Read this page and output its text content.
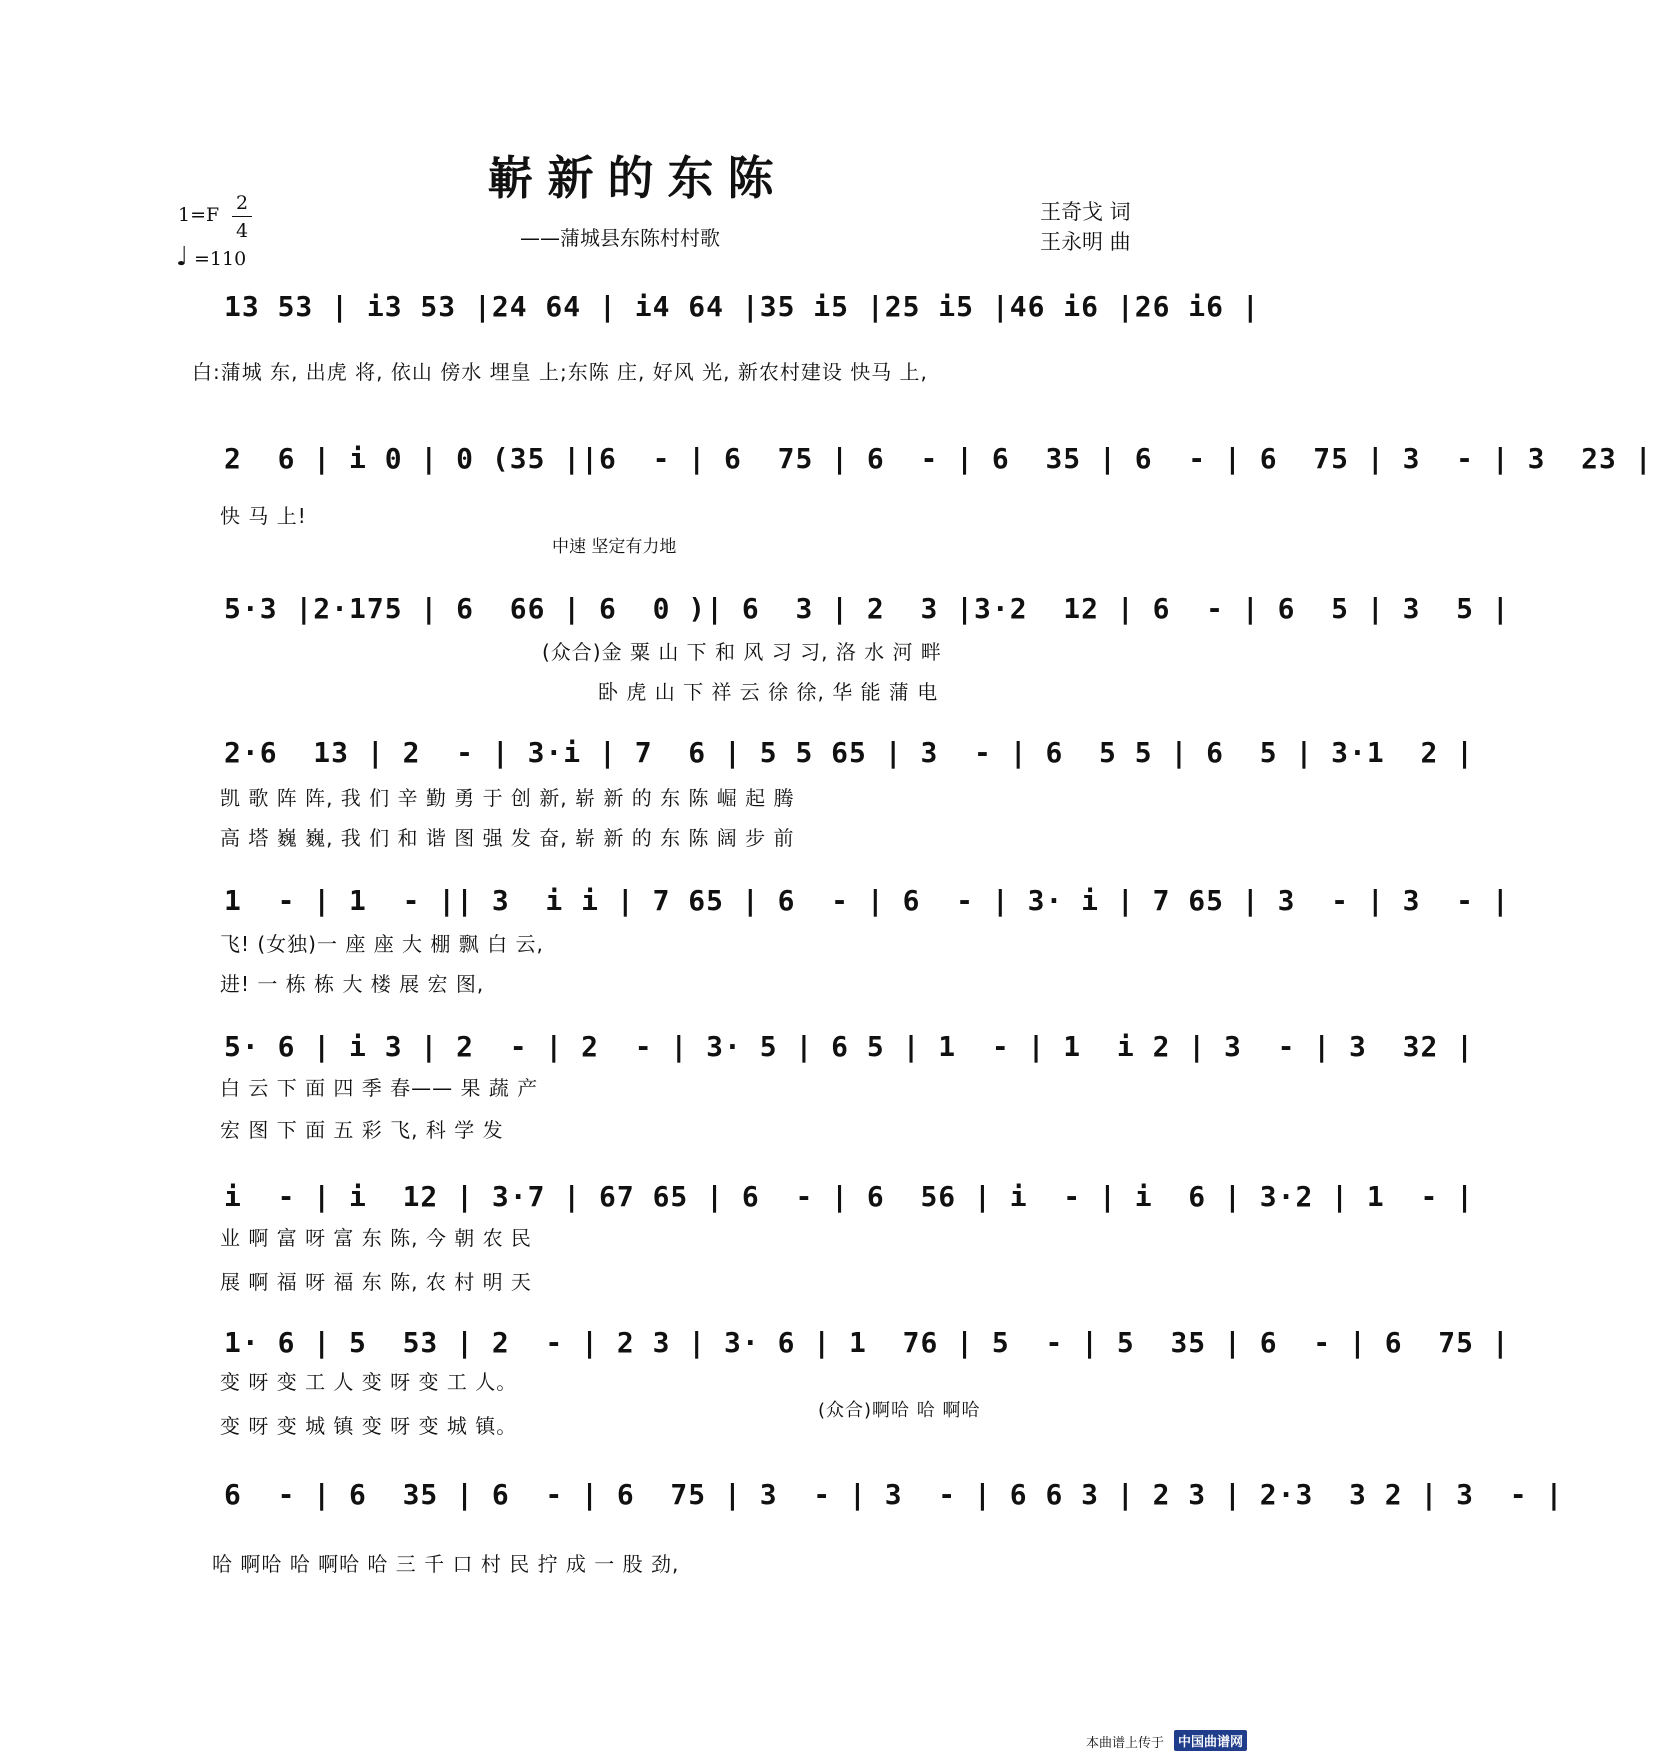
嶄新的东陈
——蒲城县东陈村村歌
王奇戈 词
王永明 曲
1=F
2
4
♩ =110
13 53 | i3 53 |24 64 | i4 64 |35 i5 |25 i5 |46 i6 |26 i6 |
白:蒲城 东, 出虎 将, 依山 傍水 埋皇 上;东陈 庄, 好风 光, 新农村建设 快马 上,
2  6 | i 0 | 0 (35 ||6  - | 6  75 | 6  - | 6  35 | 6  - | 6  75 | 3  - | 3  23 |
快 马 上!
中速 坚定有力地
5·3 |2·175 | 6  66 | 6  0 )| 6  3 | 2  3 |3·2  12 | 6  - | 6  5 | 3  5 |
(众合)金 粟 山 下 和 风 习 习, 洛 水 河 畔
卧 虎 山 下 祥 云 徐 徐, 华 能 蒲 电
2·6  13 | 2  - | 3·i | 7  6 | 5 5 65 | 3  - | 6  5 5 | 6  5 | 3·1  2 |
凯 歌 阵 阵, 我 们 辛 勤 勇 于 创 新, 崭 新 的 东 陈 崛 起 腾
高 塔 巍 巍, 我 们 和 谐 图 强 发 奋, 崭 新 的 东 陈 阔 步 前
1  - | 1  - || 3  i i | 7 65 | 6  - | 6  - | 3· i | 7 65 | 3  - | 3  - |
飞! (女独)一 座 座 大 棚 飘 白 云,
进! 一 栋 栋 大 楼 展 宏 图,
5· 6 | i 3 | 2  - | 2  - | 3· 5 | 6 5 | 1  - | 1  i 2 | 3  - | 3  32 |
白 云 下 面 四 季 春—— 果 蔬 产
宏 图 下 面 五 彩 飞, 科 学 发
i  - | i  12 | 3·7 | 67 65 | 6  - | 6  56 | i  - | i  6 | 3·2 | 1  - |
业 啊 富 呀 富 东 陈, 今 朝 农 民
展 啊 福 呀 福 东 陈, 农 村 明 天
1· 6 | 5  53 | 2  - | 2 3 | 3· 6 | 1  76 | 5  - | 5  35 | 6  - | 6  75 |
变 呀 变 工 人 变 呀 变 工 人。
变 呀 变 城 镇 变 呀 变 城 镇。
(众合)啊哈 哈 啊哈
6  - | 6  35 | 6  - | 6  75 | 3  - | 3  - | 6 6 3 | 2 3 | 2·3  3 2 | 3  - |
哈 啊哈 哈 啊哈 哈 三 千 口 村 民 拧 成 一 股 劲,
本曲谱上传于	中国曲谱网
